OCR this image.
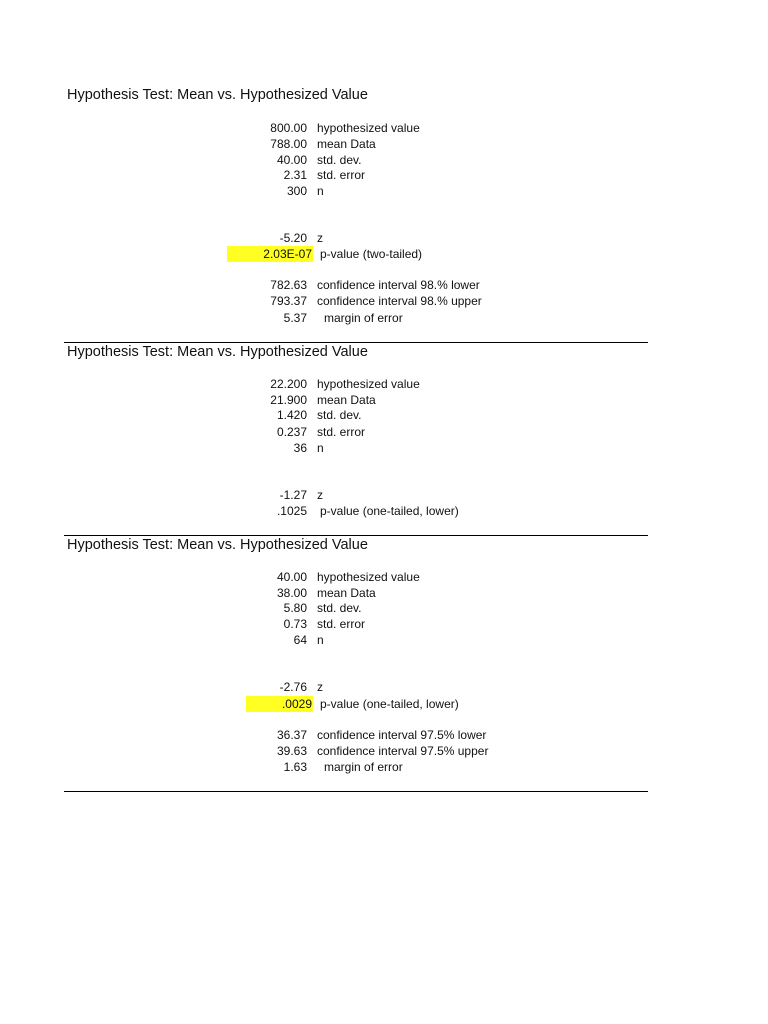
Hypothesis Test: Mean vs. Hypothesized Value
800.00 hypothesized value
788.00 mean Data
40.00 std. dev.
2.31 std. error
300 n
-5.20 z
2.03E-07 p-value (two-tailed)
782.63 confidence interval 98.% lower
793.37 confidence interval 98.% upper
5.37 margin of error
Hypothesis Test: Mean vs. Hypothesized Value
22.200 hypothesized value
21.900 mean Data
1.420 std. dev.
0.237 std. error
36 n
-1.27 z
.1025 p-value (one-tailed, lower)
Hypothesis Test: Mean vs. Hypothesized Value
40.00 hypothesized value
38.00 mean Data
5.80 std. dev.
0.73 std. error
64 n
-2.76 z
.0029 p-value (one-tailed, lower)
36.37 confidence interval 97.5% lower
39.63 confidence interval 97.5% upper
1.63 margin of error
